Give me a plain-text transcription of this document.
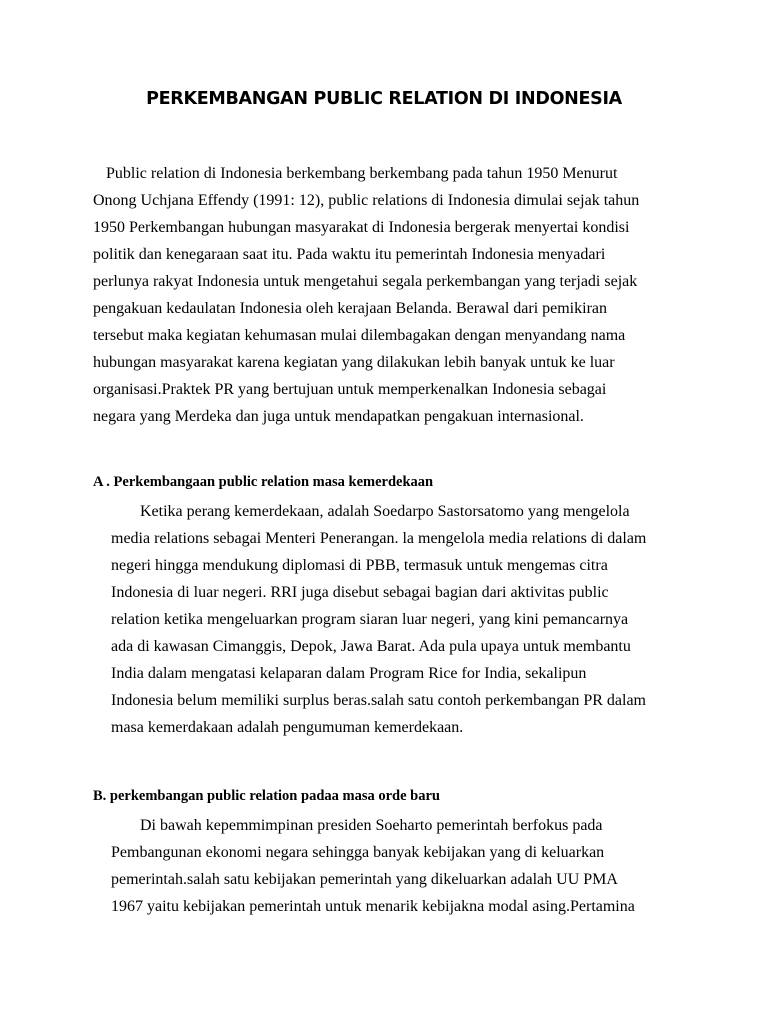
PERKEMBANGAN PUBLIC RELATION DI INDONESIA
Public relation di Indonesia berkembang berkembang pada tahun 1950 Menurut
Onong Uchjana Effendy (1991: 12), public relations di Indonesia dimulai sejak tahun
1950 Perkembangan hubungan masyarakat di Indonesia bergerak menyertai kondisi
politik dan kenegaraan saat itu. Pada waktu itu pemerintah Indonesia menyadari
perlunya rakyat Indonesia untuk mengetahui segala perkembangan yang terjadi sejak
pengakuan kedaulatan Indonesia oleh kerajaan Belanda. Berawal dari pemikiran
tersebut maka kegiatan kehumasan mulai dilembagakan dengan menyandang nama
hubungan masyarakat karena kegiatan yang dilakukan lebih banyak untuk ke luar
organisasi.Praktek PR yang bertujuan untuk memperkenalkan Indonesia sebagai
negara yang Merdeka dan juga untuk mendapatkan pengakuan internasional.
A . Perkembangaan public relation masa kemerdekaan
Ketika perang kemerdekaan, adalah Soedarpo Sastorsatomo yang mengelola
media relations sebagai Menteri Penerangan. la mengelola media relations di dalam
negeri hingga mendukung diplomasi di PBB, termasuk untuk mengemas citra
Indonesia di luar negeri. RRI juga disebut sebagai bagian dari aktivitas public
relation ketika mengeluarkan program siaran luar negeri, yang kini pemancarnya
ada di kawasan Cimanggis, Depok, Jawa Barat. Ada pula upaya untuk membantu
India dalam mengatasi kelaparan dalam Program Rice for India, sekalipun
Indonesia belum memiliki surplus beras.salah satu contoh perkembangan PR dalam
masa kemerdakaan adalah pengumuman kemerdekaan.
B. perkembangan public relation padaa masa orde baru
Di bawah kepemmimpinan presiden Soeharto pemerintah berfokus pada
Pembangunan ekonomi negara sehingga banyak kebijakan yang di keluarkan
pemerintah.salah satu kebijakan pemerintah yang dikeluarkan adalah UU PMA
1967 yaitu kebijakan pemerintah untuk menarik kebijakna modal asing.Pertamina
